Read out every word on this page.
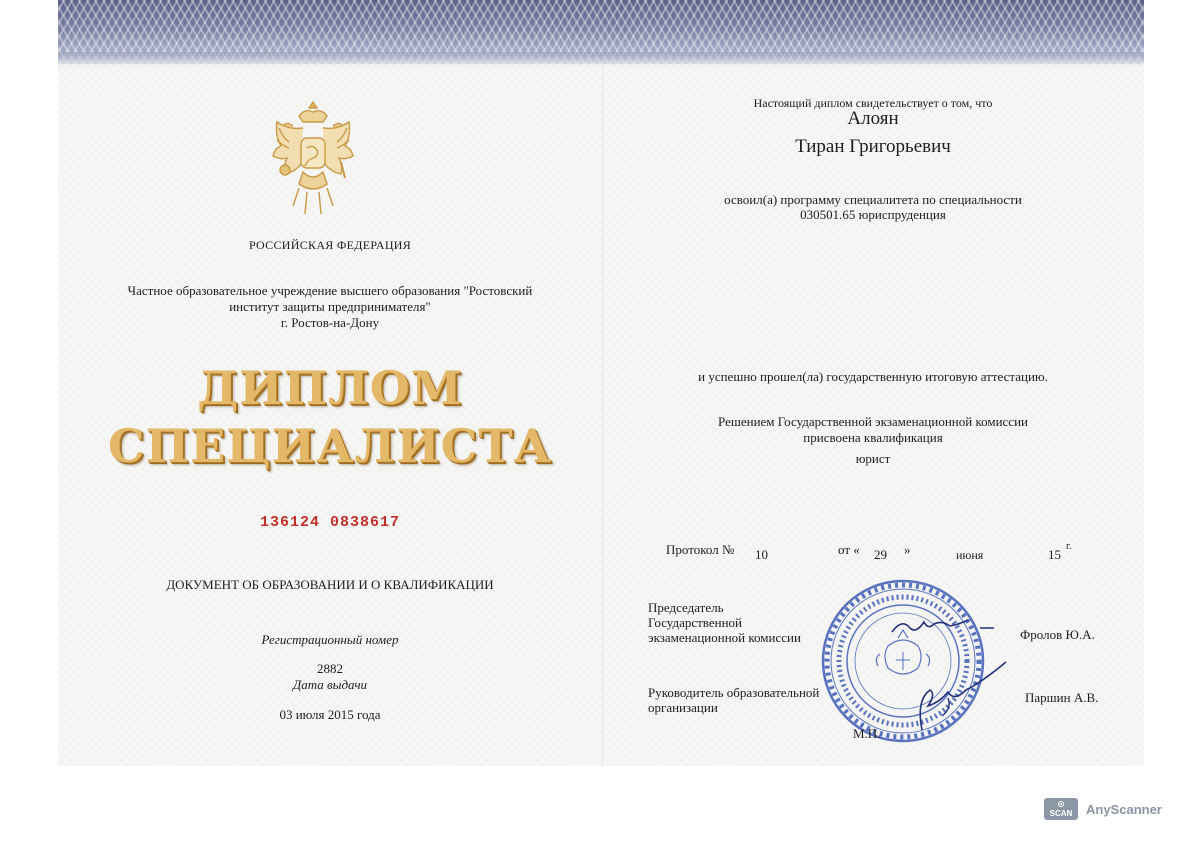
РОССИЙСКАЯ ФЕДЕРАЦИЯ
Частное образовательное учреждение высшего образования "Ростовский
институт защиты предпринимателя"
г. Ростов-на-Дону
ДИПЛОМ
СПЕЦИАЛИСТА
136124 0838617
ДОКУМЕНТ ОБ ОБРАЗОВАНИИ И О КВАЛИФИКАЦИИ
Регистрационный номер
2882
Дата выдачи
03 июля 2015 года
Настоящий диплом свидетельствует о том, что
Алоян
Тиран Григорьевич
освоил(а) программу специалитета по специальности
030501.65 юриспруденция
и успешно прошел(ла) государственную итоговую аттестацию.
Решением Государственной экзаменационной комиссии
присвоена квалификация
юрист
Протокол № 10	от « 29 »	июня	15
г.
Председатель
Государственной
экзаменационной комиссии	Фролов Ю.А.
Руководитель образовательной
организации
Паршин А.В.
М.П.
⊙
SCAN AnyScanner
